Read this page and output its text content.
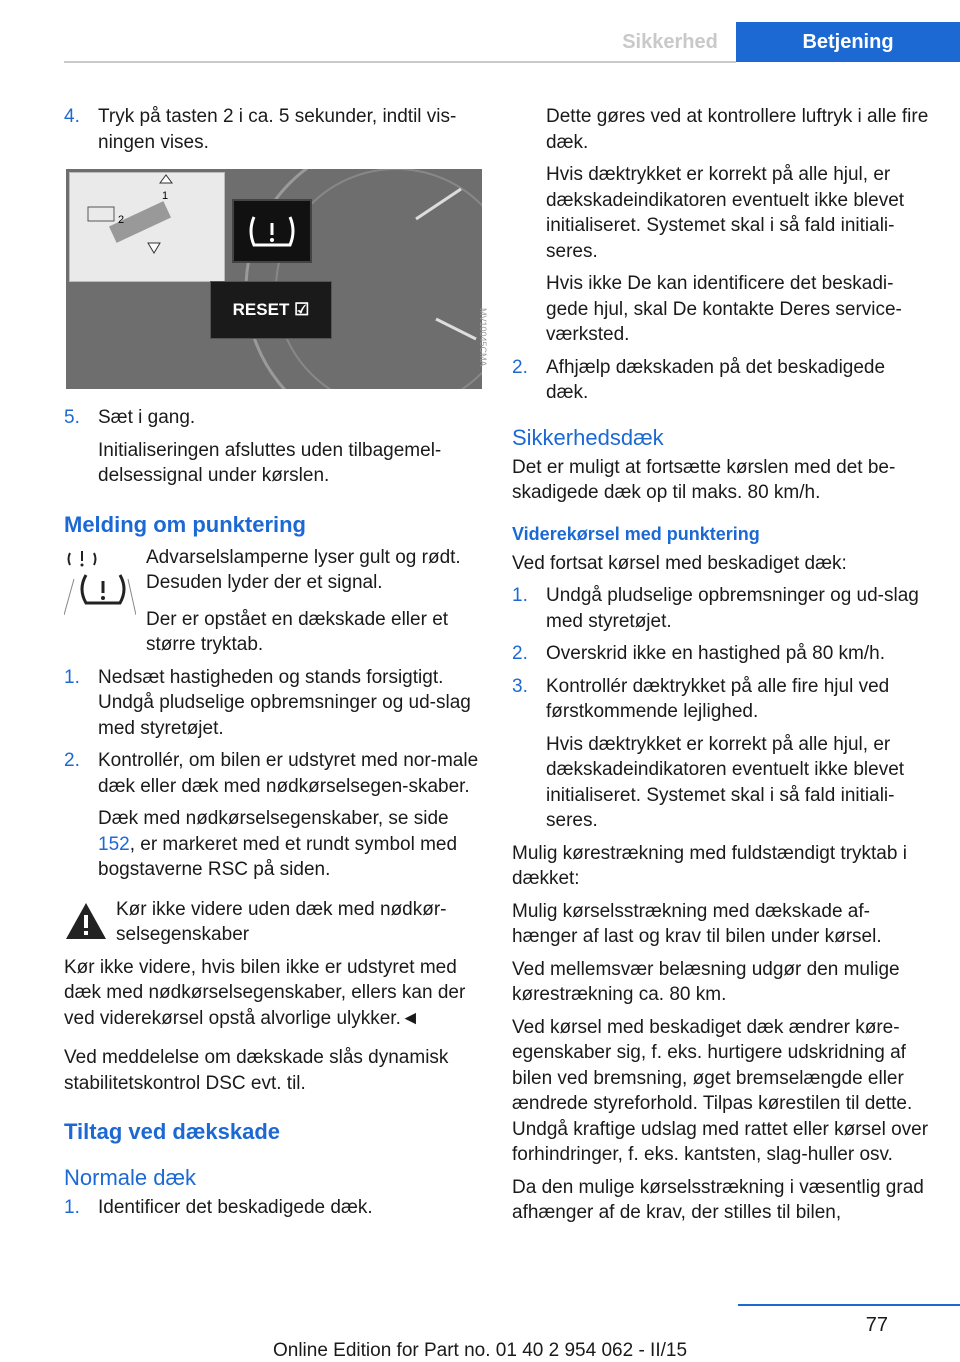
Sikkerhed	Betjening
4. Tryk på tasten 2 i ca. 5 sekunder, indtil vis-ningen vises.
1
2
RESET ☑
5. Sæt i gang.
Initialiseringen afsluttes uden tilbagemel-delsessignal under kørslen.
Melding om punktering

Advarselslamperne lyser gult og rødt. Desuden lyder der et signal.

Der er opstået en dækskade eller et større tryktab.

1. Nedsæt hastigheden og stands forsigtigt. Undgå pludselige opbremsninger og ud-slag med styretøjet.
2. Kontrollér, om bilen er udstyret med nor-male dæk eller dæk med nødkørselsegen-skaber.
Dæk med nødkørselsegenskaber, se side 152, er markeret med et rundt symbol med bogstaverne RSC på siden.
Kør ikke videre uden dæk med nødkør-selsegenskaber

Kør ikke videre, hvis bilen ikke er udstyret med dæk med nødkørselsegenskaber, ellers kan der ved viderekørsel opstå alvorlige ulykker.◄

Ved meddelelse om dækskade slås dynamisk stabilitetskontrol DSC evt. til.

Tiltag ved dækskade
Normale dæk
1. Identificer det beskadigede dæk.
MV10045CMA
Dette gøres ved at kontrollere luftryk i alle fire dæk.
Hvis dæktrykket er korrekt på alle hjul, er dækskadeindikatoren eventuelt ikke blevet initialiseret. Systemet skal i så fald initiali-seres.
Hvis ikke De kan identificere det beskadi-gede hjul, skal De kontakte Deres service-værksted.
2. Afhjælp dækskaden på det beskadigede dæk.
Sikkerhedsdæk

Det er muligt at fortsætte kørslen med det be-skadigede dæk op til maks. 80 km/h.

Viderekørsel med punktering

Ved fortsat kørsel med beskadiget dæk:

1. Undgå pludselige opbremsninger og ud-slag med styretøjet.
2. Overskrid ikke en hastighed på 80 km/h.
3. Kontrollér dæktrykket på alle fire hjul ved førstkommende lejlighed.
Hvis dæktrykket er korrekt på alle hjul, er dækskadeindikatoren eventuelt ikke blevet initialiseret. Systemet skal i så fald initiali-seres.

Mulig kørestrækning med fuldstændigt tryktab i dækket:

Mulig kørselsstrækning med dækskade af-hænger af last og krav til bilen under kørsel.

Ved mellemsvær belæsning udgør den mulige kørestrækning ca. 80 km.

Ved kørsel med beskadiget dæk ændrer køre-egenskaber sig, f. eks. hurtigere udskridning af bilen ved bremsning, øget bremselængde eller ændrede styreforhold. Tilpas kørestilen til dette. Undgå kraftige udslag med rattet eller kørsel over forhindringer, f. eks. kantsten, slag-huller osv.

Da den mulige kørselsstrækning i væsentlig grad afhænger af de krav, der stilles til bilen,

77
Online Edition for Part no. 01 40 2 954 062 - II/15
